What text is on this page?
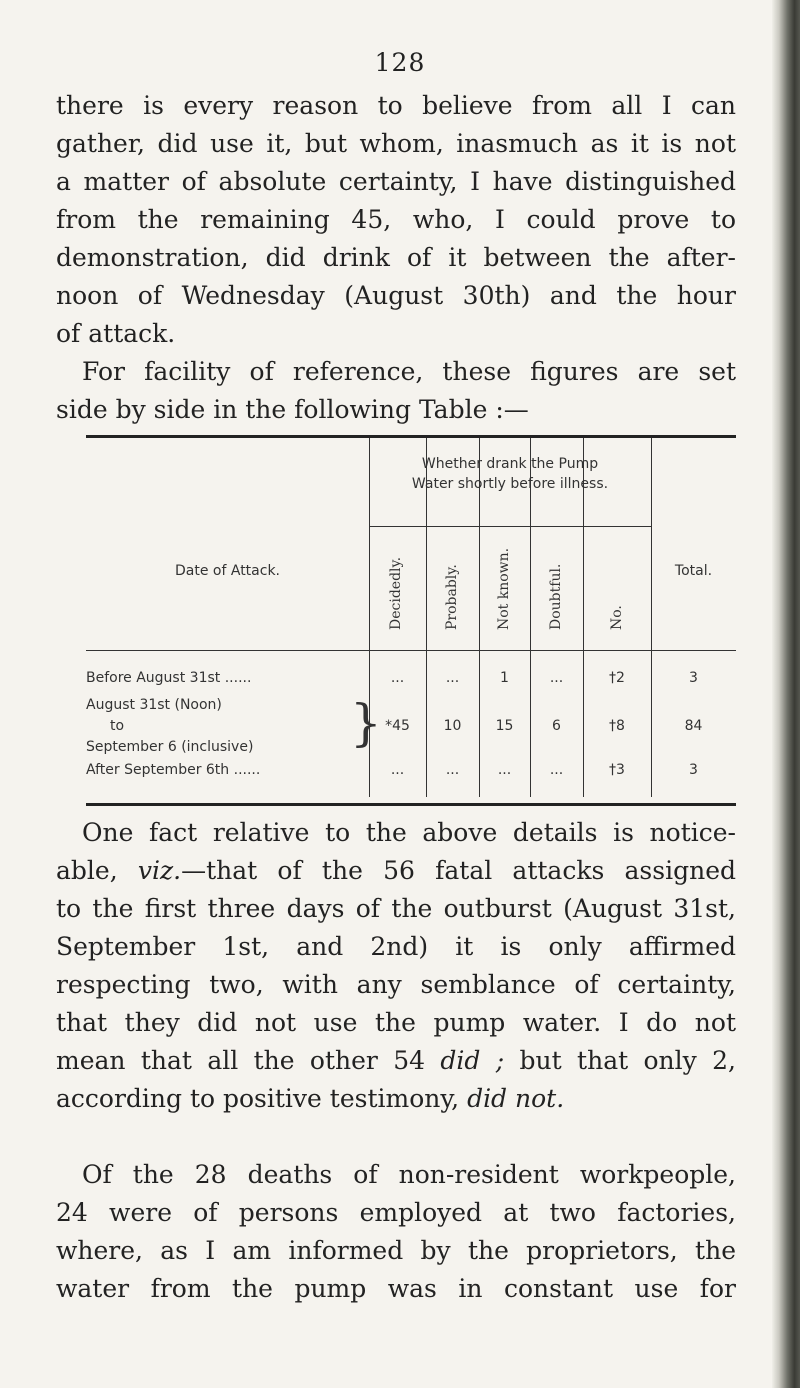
128
there is every reason to believe from all I can
gather, did use it, but whom, inasmuch as it is not
a matter of absolute certainty, I have distinguished
from the remaining 45, who, I could prove to
demonstration, did drink of it between the after-
noon of Wednesday (August 30th) and the hour
of attack.
For facility of reference, these figures are set
side by side in the following Table :—
Date of Attack.
Whether drank the Pump
Water shortly before illness.
Total.
Decidedly.	Probably.	Not known.	Doubtful.	No.
Before August 31st ......	...	...	1	...	†2	3
August 31st (Noon)
to
September 6 (inclusive) } *45	10	15	6	†8	84
After September 6th ......	...	...	...	...	†3	3
One fact relative to the above details is notice-
able, viz.—that of the 56 fatal attacks assigned
to the first three days of the outburst (August 31st,
September 1st, and 2nd) it is only affirmed
respecting two, with any semblance of certainty,
that they did not use the pump water. I do not
mean that all the other 54 did ; but that only 2,
according to positive testimony, did not.
Of the 28 deaths of non-resident workpeople,
24 were of persons employed at two factories,
where, as I am informed by the proprietors, the
water from the pump was in constant use for
